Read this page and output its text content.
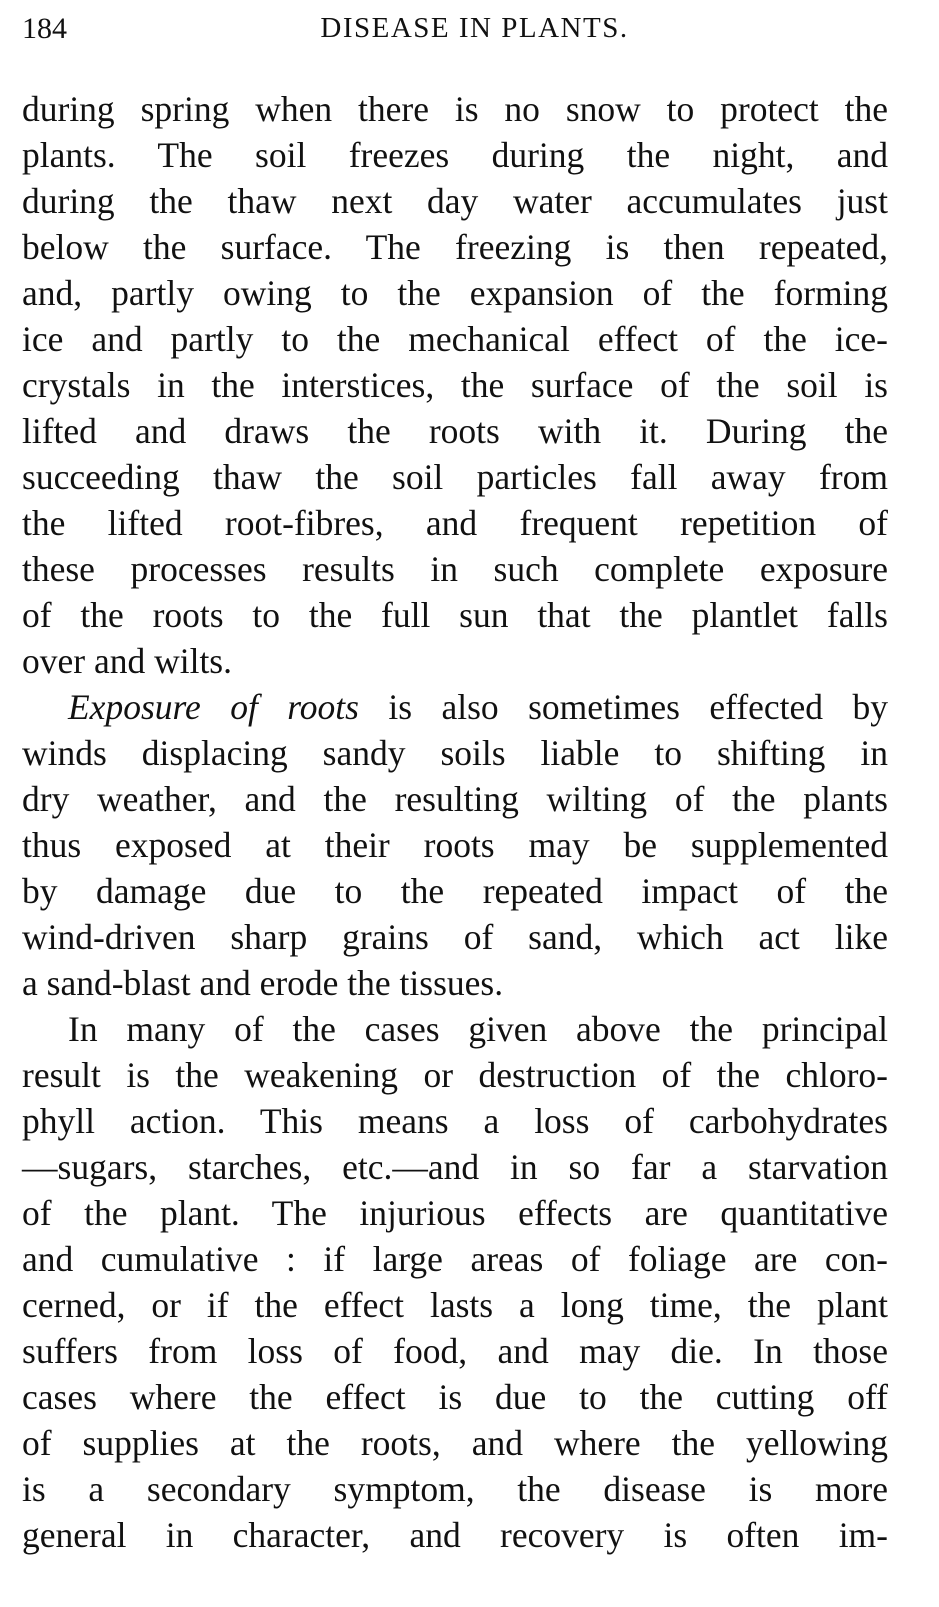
184	DISEASE IN PLANTS.
during spring when there is no snow to protect the
plants. The soil freezes during the night, and
during the thaw next day water accumulates just
below the surface. The freezing is then repeated,
and, partly owing to the expansion of the forming
ice and partly to the mechanical effect of the ice-
crystals in the interstices, the surface of the soil is
lifted and draws the roots with it. During the
succeeding thaw the soil particles fall away from
the lifted root-fibres, and frequent repetition of
these processes results in such complete exposure
of the roots to the full sun that the plantlet falls
over and wilts.
Exposure of roots is also sometimes effected by
winds displacing sandy soils liable to shifting in
dry weather, and the resulting wilting of the plants
thus exposed at their roots may be supplemented
by damage due to the repeated impact of the
wind-driven sharp grains of sand, which act like
a sand-blast and erode the tissues.
In many of the cases given above the principal
result is the weakening or destruction of the chloro-
phyll action. This means a loss of carbohydrates
—sugars, starches, etc.—and in so far a starvation
of the plant. The injurious effects are quantitative
and cumulative : if large areas of foliage are con-
cerned, or if the effect lasts a long time, the plant
suffers from loss of food, and may die. In those
cases where the effect is due to the cutting off
of supplies at the roots, and where the yellowing
is a secondary symptom, the disease is more
general in character, and recovery is often im-
